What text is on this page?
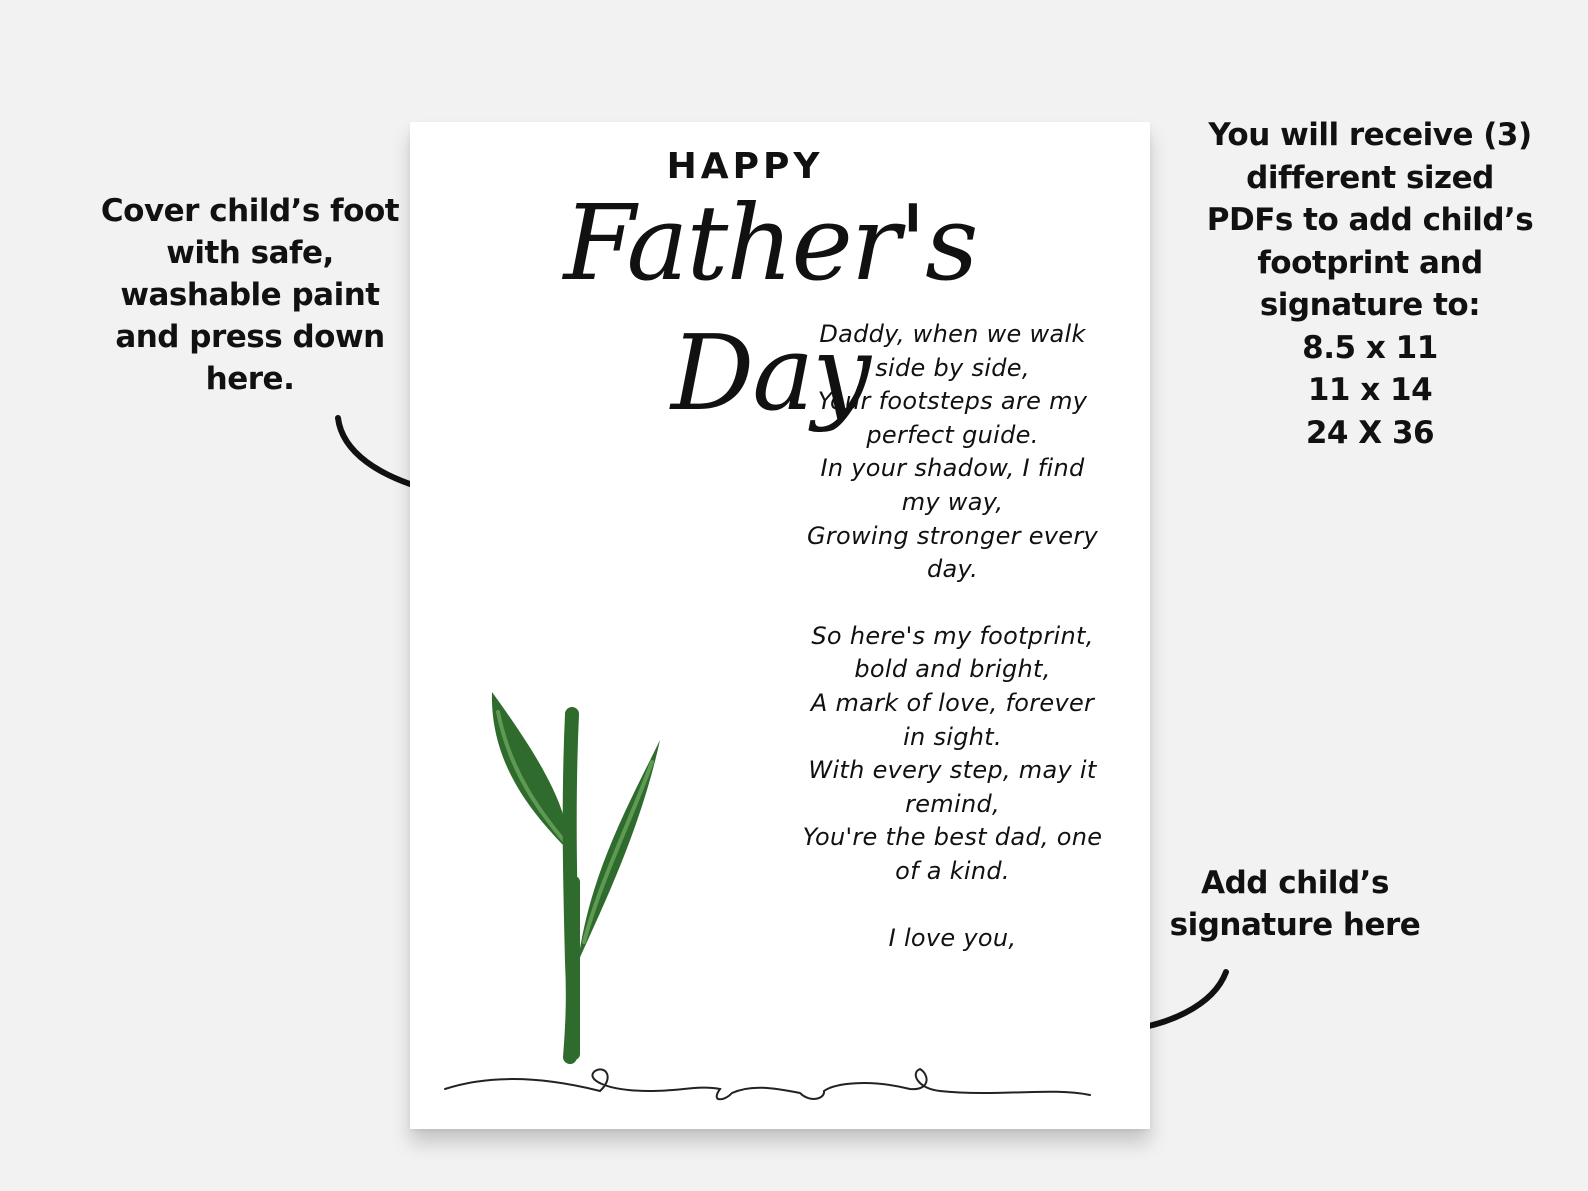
Cover child’s foot
with safe,
washable paint
and press down
here.
You will receive (3)
different sized
PDFs to add child’s
footprint and
signature to:
8.5 x 11
11 x 14
24 X 36
Add child’s
signature here
HAPPY
Father's Day
Daddy, when we walk
side by side,
Your footsteps are my
perfect guide.
In your shadow, I find
my way,
Growing stronger every
day.
So here's my footprint,
bold and bright,
A mark of love, forever
in sight.
With every step, may it
remind,
You're the best dad, one
of a kind.
I love you,
